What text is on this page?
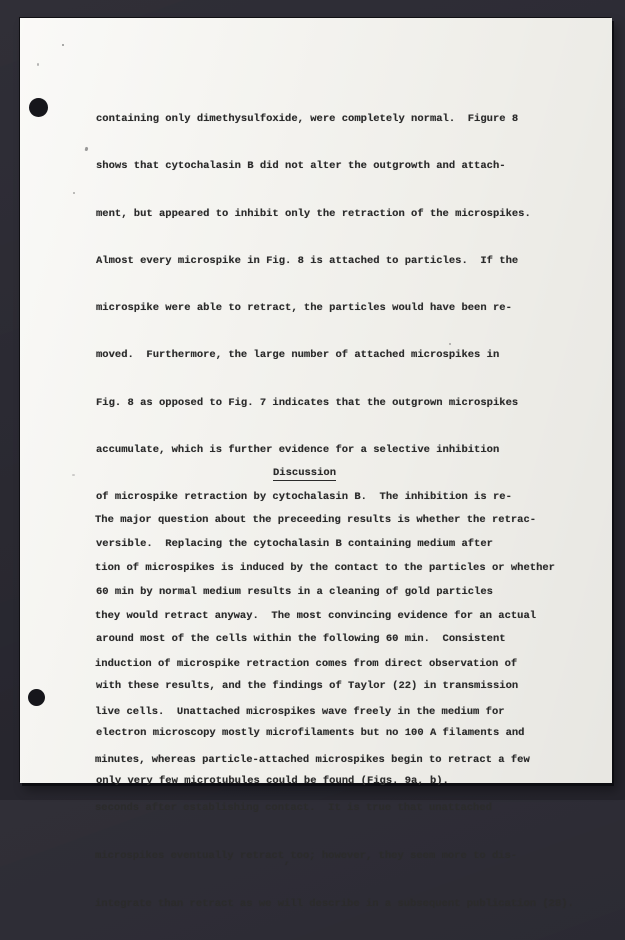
containing only dimethysulfoxide, were completely normal.  Figure 8

shows that cytochalasin B did not alter the outgrowth and attach-

ment, but appeared to inhibit only the retraction of the microspikes.

Almost every microspike in Fig. 8 is attached to particles.  If the

microspike were able to retract, the particles would have been re-

moved.  Furthermore, the large number of attached microspikes in

Fig. 8 as opposed to Fig. 7 indicates that the outgrown microspikes

accumulate, which is further evidence for a selective inhibition

of microspike retraction by cytochalasin B.  The inhibition is re-

versible.  Replacing the cytochalasin B containing medium after

60 min by normal medium results in a cleaning of gold particles

around most of the cells within the following 60 min.  Consistent

with these results, and the findings of Taylor (22) in transmission

electron microscopy mostly microfilaments but no 100 A filaments and

only very few microtubules could be found (Figs. 9a, b).

Discussion

The major question about the preceeding results is whether the retrac-

tion of microspikes is induced by the contact to the particles or whether

they would retract anyway.  The most convincing evidence for an actual

induction of microspike retraction comes from direct observation of

live cells.  Unattached microspikes wave freely in the medium for

minutes, whereas particle-attached microspikes begin to retract a few

seconds after establishing contact.  It is true that unattached

microspikes eventually retract,too; however, they seem more to dis-

integrate than retract as we will describe in a subsequent publication (28).
